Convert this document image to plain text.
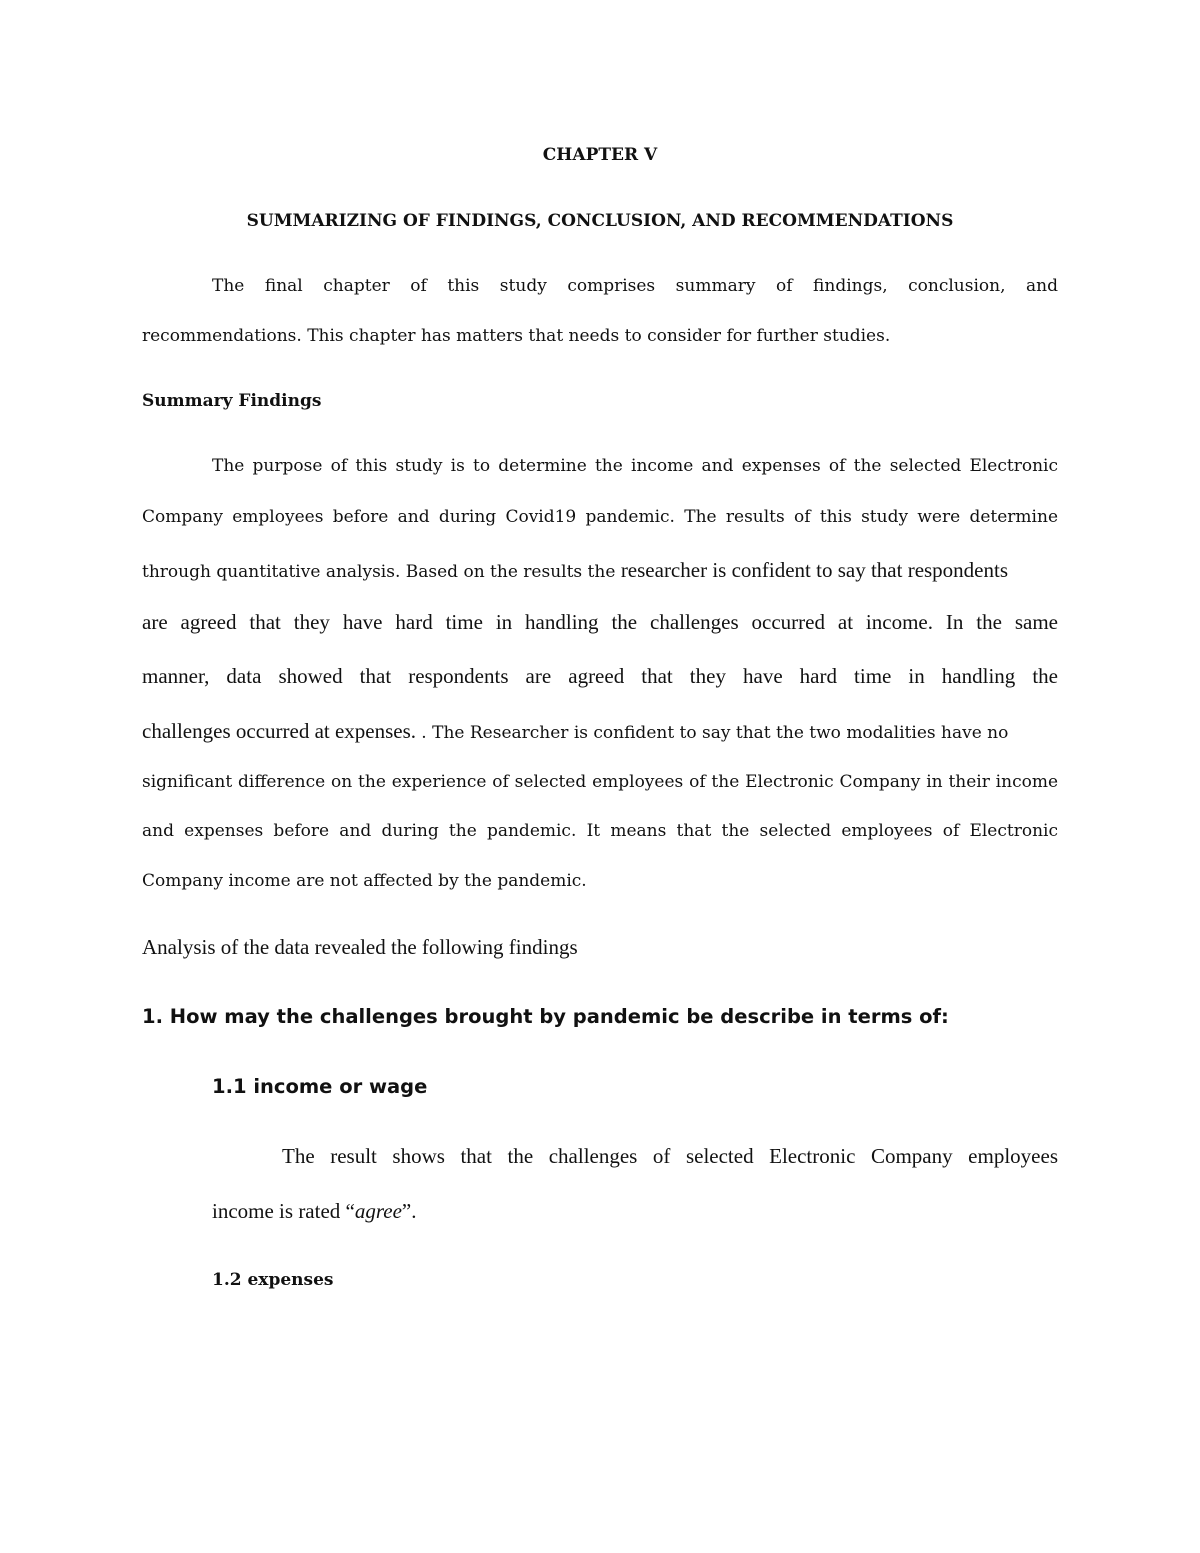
CHAPTER V
SUMMARIZING OF FINDINGS, CONCLUSION, AND RECOMMENDATIONS
The final chapter of this study comprises summary of findings, conclusion, and
recommendations. This chapter has matters that needs to consider for further studies.
Summary Findings
The purpose of this study is to determine the income and expenses of the selected Electronic
Company employees before and during Covid19 pandemic. The results of this study were determine
through quantitative analysis. Based on the results the researcher is confident to say that respondents
are agreed that they have hard time in handling the challenges occurred at income. In the same
manner, data showed that respondents are agreed that they have hard time in handling the
challenges occurred at expenses. . The Researcher is confident to say that the two modalities have no
significant difference on the experience of selected employees of the Electronic Company in their income
and expenses before and during the pandemic. It means that the selected employees of Electronic
Company income are not affected by the pandemic.
Analysis of the data revealed the following findings
1. How may the challenges brought by pandemic be describe in terms of:
1.1 income or wage
The result shows that the challenges of selected Electronic Company employees
income is rated “agree”.
1.2 expenses
